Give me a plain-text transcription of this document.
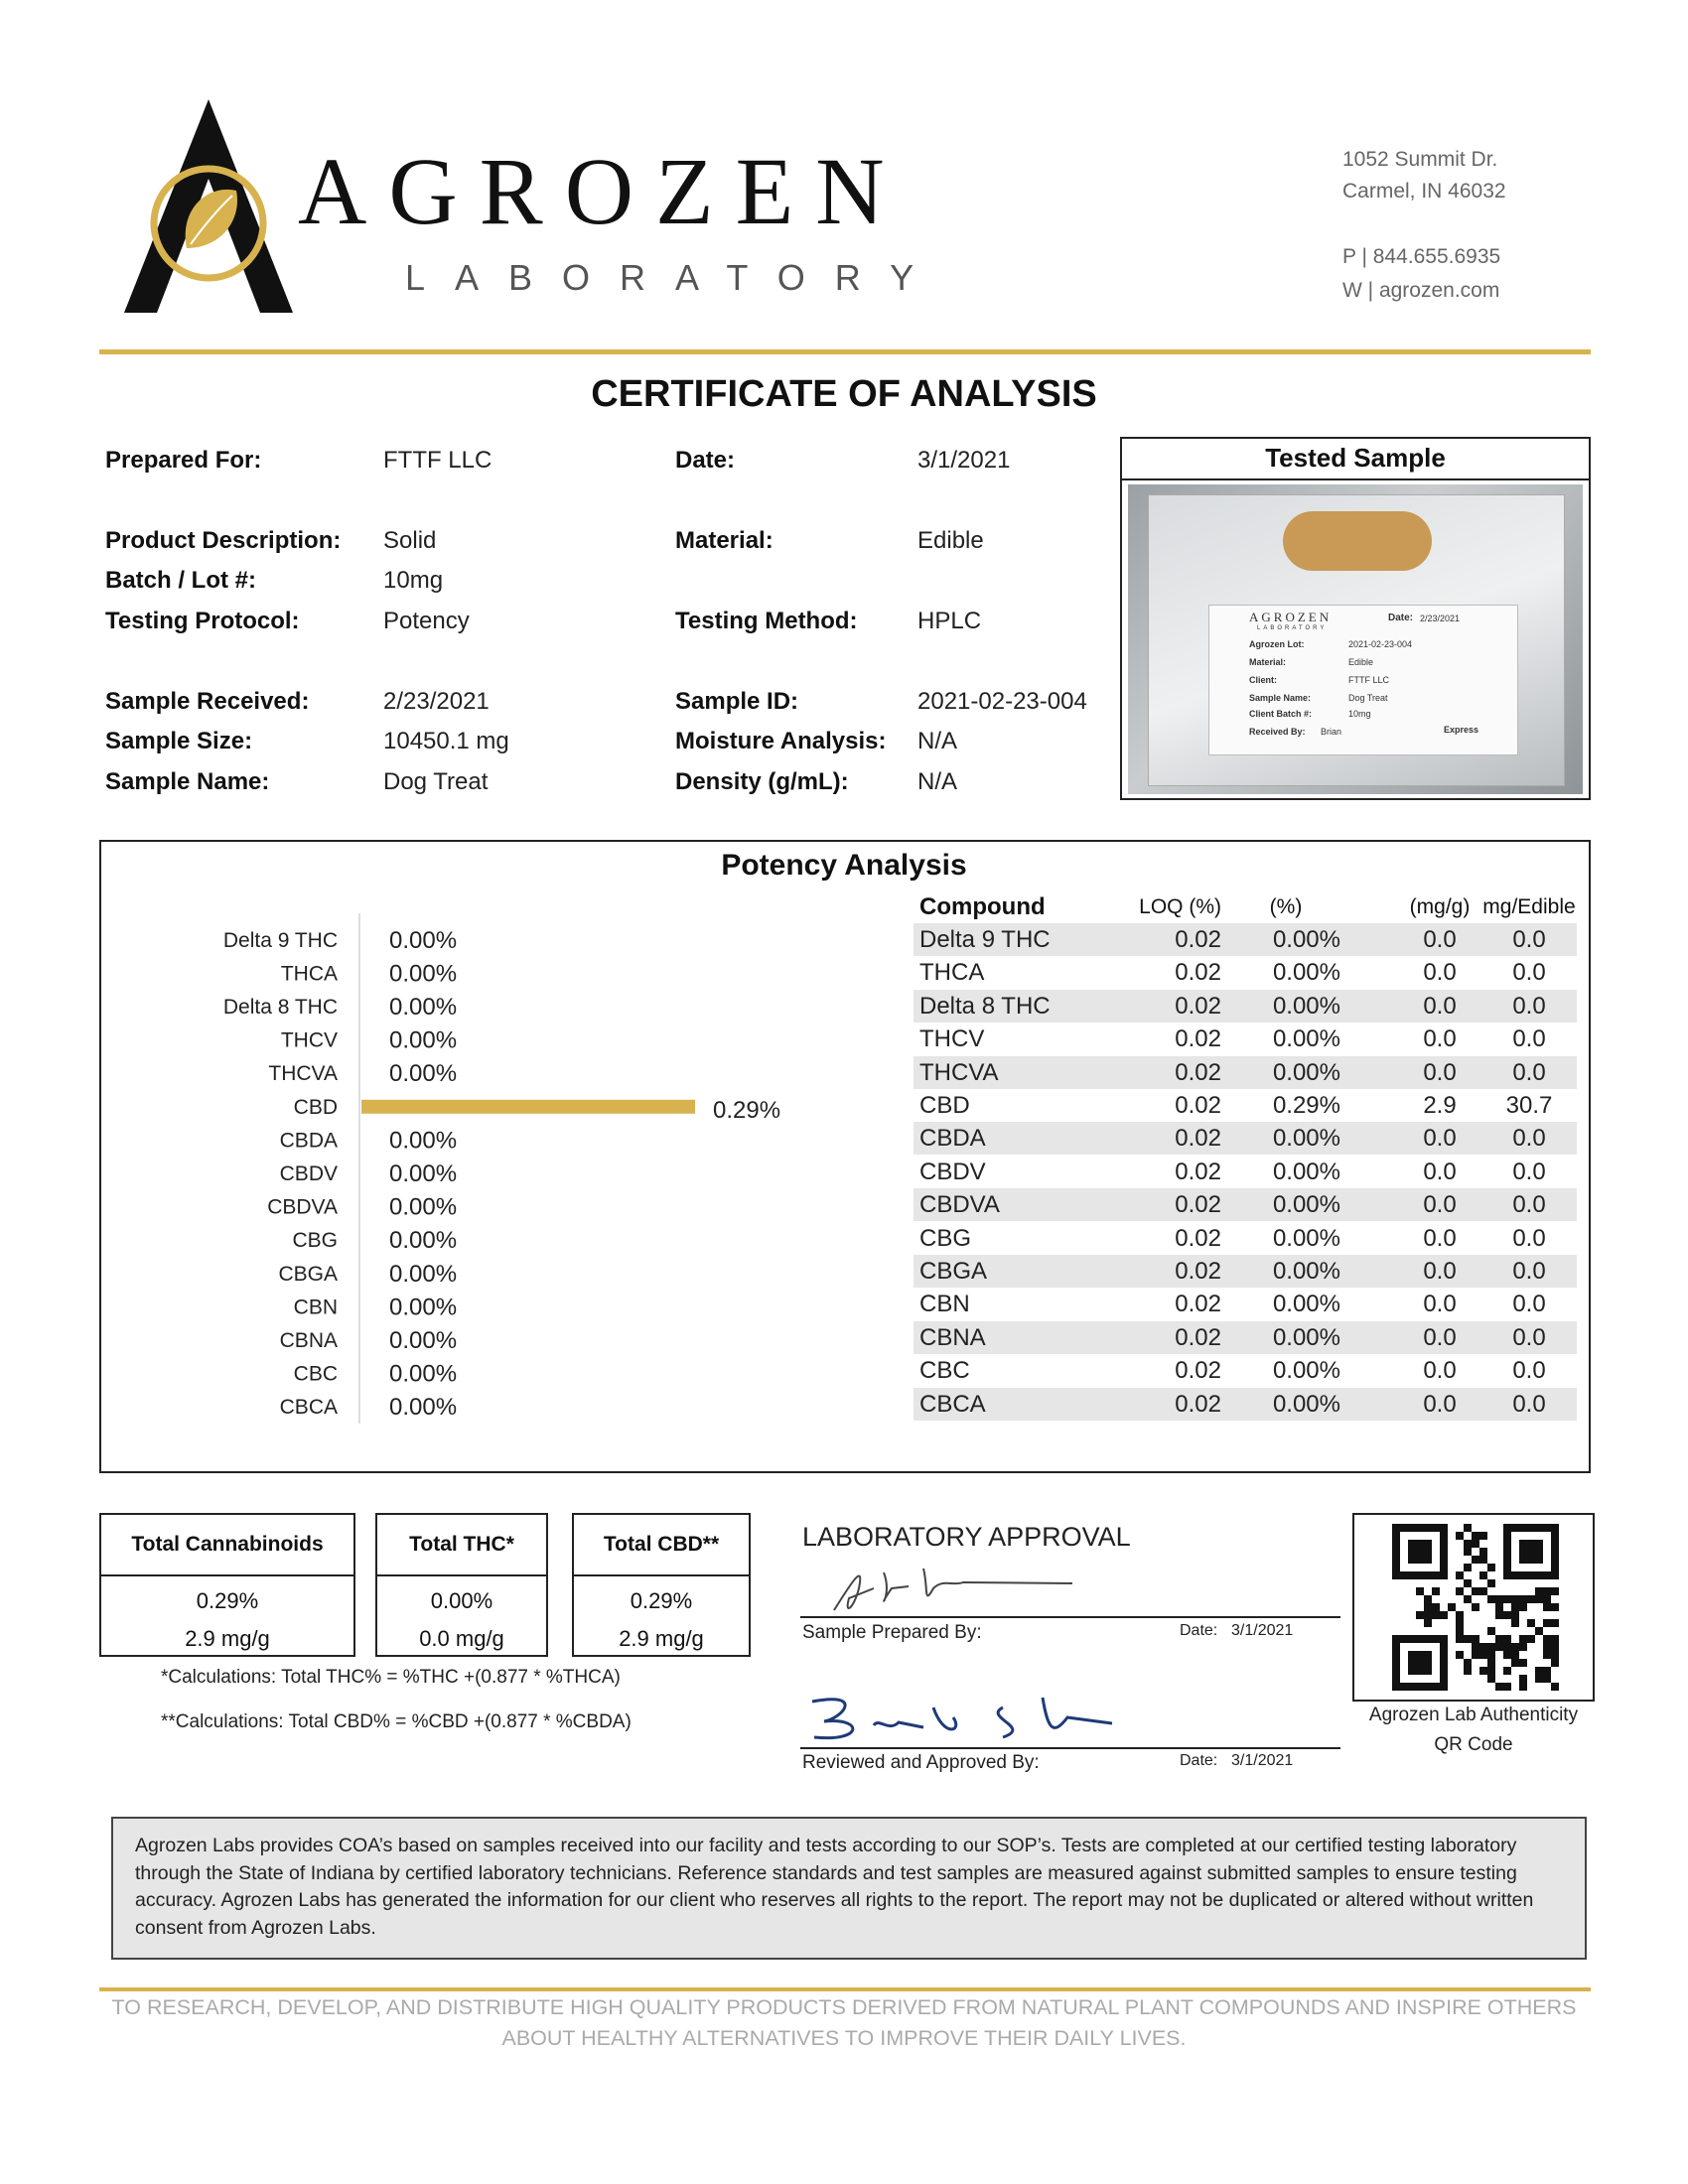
AGROZEN
LABORATORY
1052 Summit Dr.
Carmel, IN 46032
P | 844.655.6935
W | agrozen.com
CERTIFICATE OF ANALYSIS
Prepared For:	FTTF LLC	Date:	3/1/2021
Product Description: Solid	Material:	Edible
Batch / Lot #:	10mg
Testing Protocol:	Potency	Testing Method:	HPLC
Sample Received:	2/23/2021	Sample ID:	2021-02-23-004
Sample Size:	10450.1 mg	Moisture Analysis: N/A
Sample Name:	Dog Treat	Density (g/mL):	N/A
Tested Sample
AGROZEN
LABORATORY
Date: 2/23/2021
Agrozen Lot:	2021-02-23-004
Material:	Edible
Client:	FTTF LLC
Sample Name:	Dog Treat
Client Batch #:	10mg
Received By: Brian	Express
Potency Analysis
Delta 9 THC 0.00%
THCA 0.00%
Delta 8 THC 0.00%
THCV 0.00%
THCVA 0.00%
CBD	0.29%
CBDA 0.00%
CBDV 0.00%
CBDVA 0.00%
CBG 0.00%
CBGA 0.00%
CBN 0.00%
CBNA 0.00%
CBC 0.00%
CBCA 0.00%
Compound	LOQ (%)	(%)	(mg/g) mg/Edible
Delta 9 THC	0.02	0.00%	0.0	0.0
THCA	0.02	0.00%	0.0	0.0
Delta 8 THC	0.02	0.00%	0.0	0.0
THCV	0.02	0.00%	0.0	0.0
THCVA	0.02	0.00%	0.0	0.0
CBD	0.02	0.29%	2.9	30.7
CBDA	0.02	0.00%	0.0	0.0
CBDV	0.02	0.00%	0.0	0.0
CBDVA	0.02	0.00%	0.0	0.0
CBG	0.02	0.00%	0.0	0.0
CBGA	0.02	0.00%	0.0	0.0
CBN	0.02	0.00%	0.0	0.0
CBNA	0.02	0.00%	0.0	0.0
CBC	0.02	0.00%	0.0	0.0
CBCA	0.02	0.00%	0.0	0.0
Total Cannabinoids
0.29%
2.9 mg/g
Total THC*
0.00%
0.0 mg/g
Total CBD**
0.29%
2.9 mg/g
*Calculations: Total THC% = %THC +(0.877 * %THCA)
**Calculations: Total CBD% = %CBD +(0.877 * %CBDA)
LABORATORY APPROVAL
Sample Prepared By:	Date: 3/1/2021
Reviewed and Approved By:	Date: 3/1/2021
Agrozen Lab Authenticity
QR Code
Agrozen Labs provides COA’s based on samples received into our facility and tests according to our SOP’s. Tests are completed at our certified testing laboratory through the State of Indiana by certified laboratory technicians. Reference standards and test samples are measured against submitted samples to ensure testing accuracy. Agrozen Labs has generated the information for our client who reserves all rights to the report. The report may not be duplicated or altered without written consent from Agrozen Labs.
TO RESEARCH, DEVELOP, AND DISTRIBUTE HIGH QUALITY PRODUCTS DERIVED FROM NATURAL PLANT COMPOUNDS AND INSPIRE OTHERS
ABOUT HEALTHY ALTERNATIVES TO IMPROVE THEIR DAILY LIVES.
